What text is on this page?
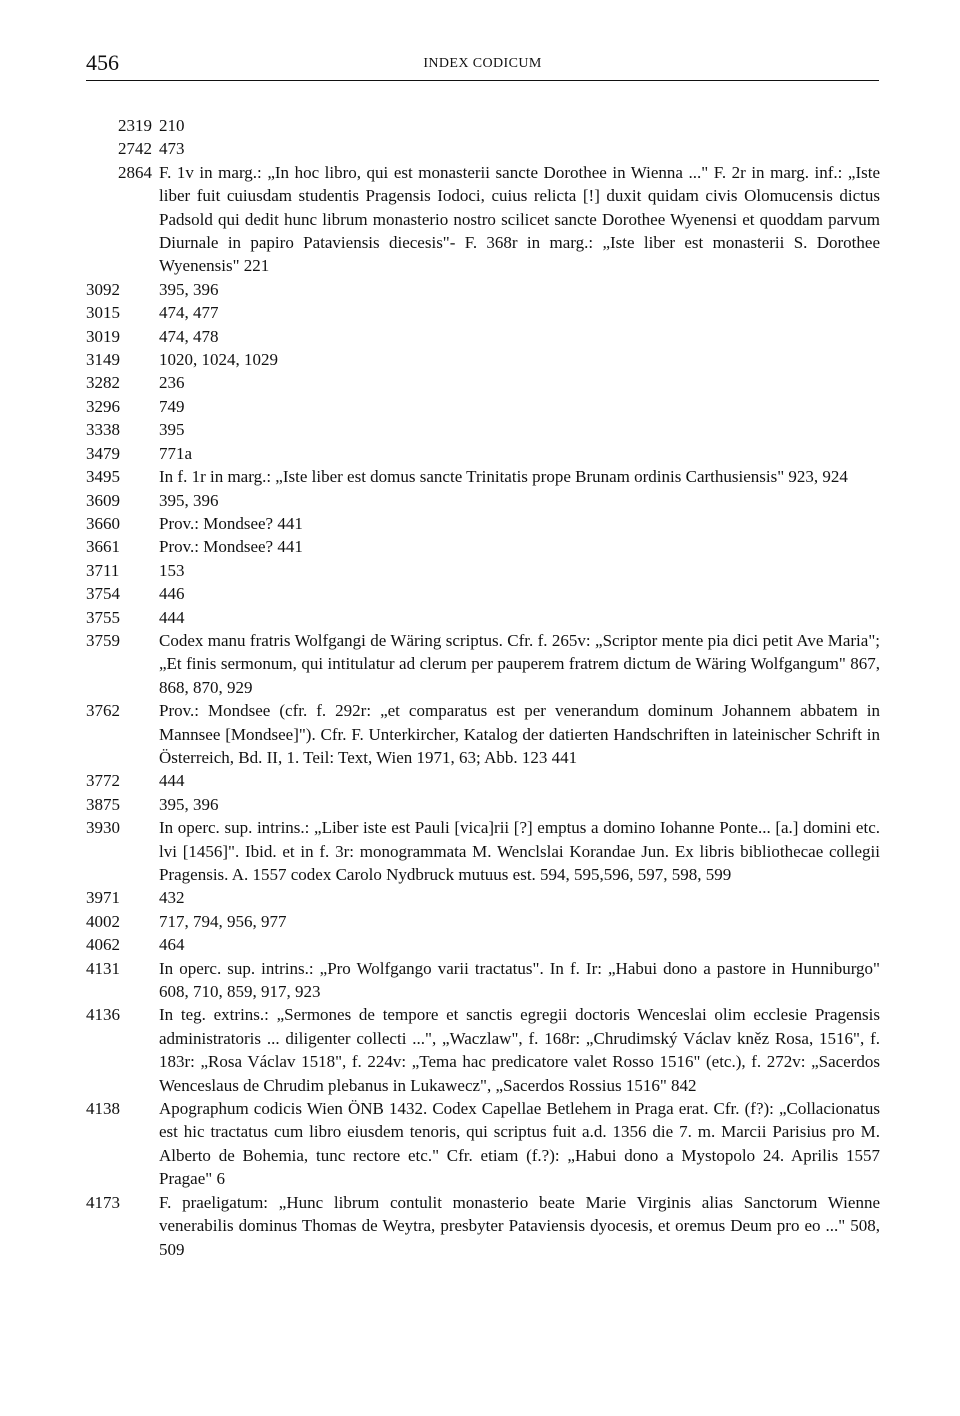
456	INDEX CODICUM
2319 210
2742 473
2864 F. 1v in marg.: „In hoc libro, qui est monasterii sancte Dorothee in Wienna ..." F. 2r in marg. inf.: „Iste liber fuit cuiusdam studentis Pragensis Iodoci, cuius relicta [!] duxit quidam civis Olomucensis dictus Padsold qui dedit hunc librum monasterio nostro scilicet sancte Dorothee Wyenensi et quoddam parvum Diurnale in papiro Pataviensis diecesis"- F. 368r in marg.: „Iste liber est monasterii S. Dorothee Wyenensis" 221
3092 395, 396
3015 474, 477
3019 474, 478
3149 1020, 1024, 1029
3282 236
3296 749
3338 395
3479 771a
3495 In f. 1r in marg.: „Iste liber est domus sancte Trinitatis prope Brunam ordinis Carthusiensis" 923, 924
3609 395, 396
3660 Prov.: Mondsee? 441
3661 Prov.: Mondsee? 441
3711 153
3754 446
3755 444
3759 Codex manu fratris Wolfgangi de Wäring scriptus. Cfr. f. 265v: „Scriptor mente pia dici petit Ave Maria"; „Et finis sermonum, qui intitulatur ad clerum per pauperem fratrem dictum de Wäring Wolfgangum" 867, 868, 870, 929
3762 Prov.: Mondsee (cfr. f. 292r: „et comparatus est per venerandum dominum Johannem abbatem in Mannsee [Mondsee]"). Cfr. F. Unterkircher, Katalog der datierten Handschriften in lateinischer Schrift in Österreich, Bd. II, 1. Teil: Text, Wien 1971, 63; Abb. 123 441
3772 444
3875 395, 396
3930 In operc. sup. intrins.: „Liber iste est Pauli [vica]rii [?] emptus a domino Iohanne Ponte... [a.] domini etc. lvi [1456]". Ibid. et in f. 3r: monogrammata M. Wenclslai Korandae Jun. Ex libris bibliothecae collegii Pragensis. A. 1557 codex Carolo Nydbruck mutuus est. 594, 595,596, 597, 598, 599
3971 432
4002 717, 794, 956, 977
4062 464
4131 In operc. sup. intrins.: „Pro Wolfgango varii tractatus". In f. Ir: „Habui dono a pastore in Hunniburgo" 608, 710, 859, 917, 923
4136 In teg. extrins.: „Sermones de tempore et sanctis egregii doctoris Wenceslai olim ecclesie Pragensis administratoris ... diligenter collecti ...", „Waczlaw", f. 168r: „Chrudimský Václav kněz Rosa, 1516", f. 183r: „Rosa Václav 1518", f. 224v: „Tema hac predicatore valet Rosso 1516" (etc.), f. 272v: „Sacerdos Wenceslaus de Chrudim plebanus in Lukawecz", „Sacerdos Rossius 1516" 842
4138 Apographum codicis Wien ÖNB 1432. Codex Capellae Betlehem in Praga erat. Cfr. (f?): „Collacionatus est hic tractatus cum libro eiusdem tenoris, qui scriptus fuit a.d. 1356 die 7. m. Marcii Parisius pro M. Alberto de Bohemia, tunc rectore etc." Cfr. etiam (f.?): „Habui dono a Mystopolo 24. Aprilis 1557 Pragae" 6
4173 F. praeligatum: „Hunc librum contulit monasterio beate Marie Virginis alias Sanctorum Wienne venerabilis dominus Thomas de Weytra, presbyter Pataviensis dyocesis, et oremus Deum pro eo ..." 508, 509
